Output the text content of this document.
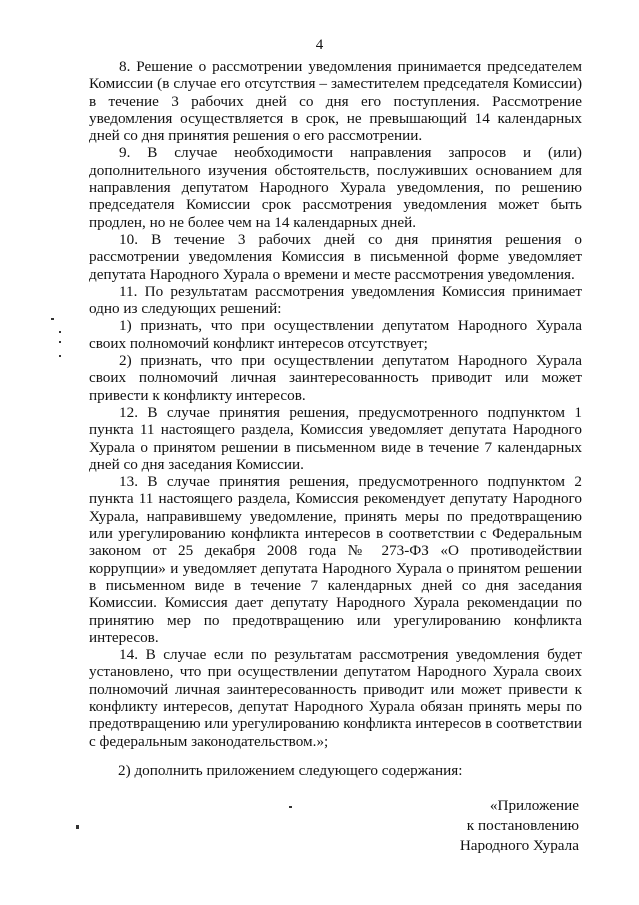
4

8. Решение о рассмотрении уведомления принимается председателем Комиссии (в случае его отсутствия – заместителем председателя Комиссии) в течение 3 рабочих дней со дня его поступления. Рассмотрение уведомления осуществляется в срок, не превышающий 14 календарных дней со дня принятия решения о его рассмотрении.

9. В случае необходимости направления запросов и (или) дополнительного изучения обстоятельств, послуживших основанием для направления депутатом Народного Хурала уведомления, по решению председателя Комиссии срок рассмотрения уведомления может быть продлен, но не более чем на 14 календарных дней.

10. В течение 3 рабочих дней со дня принятия решения о рассмотрении уведомления Комиссия в письменной форме уведомляет депутата Народного Хурала о времени и месте рассмотрения уведомления.

11. По результатам рассмотрения уведомления Комиссия принимает одно из следующих решений:

1) признать, что при осуществлении депутатом Народного Хурала своих полномочий конфликт интересов отсутствует;

2) признать, что при осуществлении депутатом Народного Хурала своих полномочий личная заинтересованность приводит или может привести к конфликту интересов.

12. В случае принятия решения, предусмотренного подпунктом 1 пункта 11 настоящего раздела, Комиссия уведомляет депутата Народного Хурала о принятом решении в письменном виде в течение 7 календарных дней со дня заседания Комиссии.

13. В случае принятия решения, предусмотренного подпунктом 2 пункта 11 настоящего раздела, Комиссия рекомендует депутату Народного Хурала, направившему уведомление, принять меры по предотвращению или урегулированию конфликта интересов в соответствии с Федеральным законом от 25 декабря 2008 года № 273-ФЗ «О противодействии коррупции» и уведомляет депутата Народного Хурала о принятом решении в письменном виде в течение 7 календарных дней со дня заседания Комиссии. Комиссия дает депутату Народного Хурала рекомендации по принятию мер по предотвращению или урегулированию конфликта интересов.

14. В случае если по результатам рассмотрения уведомления будет установлено, что при осуществлении депутатом Народного Хурала своих полномочий личная заинтересованность приводит или может привести к конфликту интересов, депутат Народного Хурала обязан принять меры по предотвращению или урегулированию конфликта интересов в соответствии с федеральным законодательством.»;

2) дополнить приложением следующего содержания:
«Приложение
к постановлению
Народного Хурала
